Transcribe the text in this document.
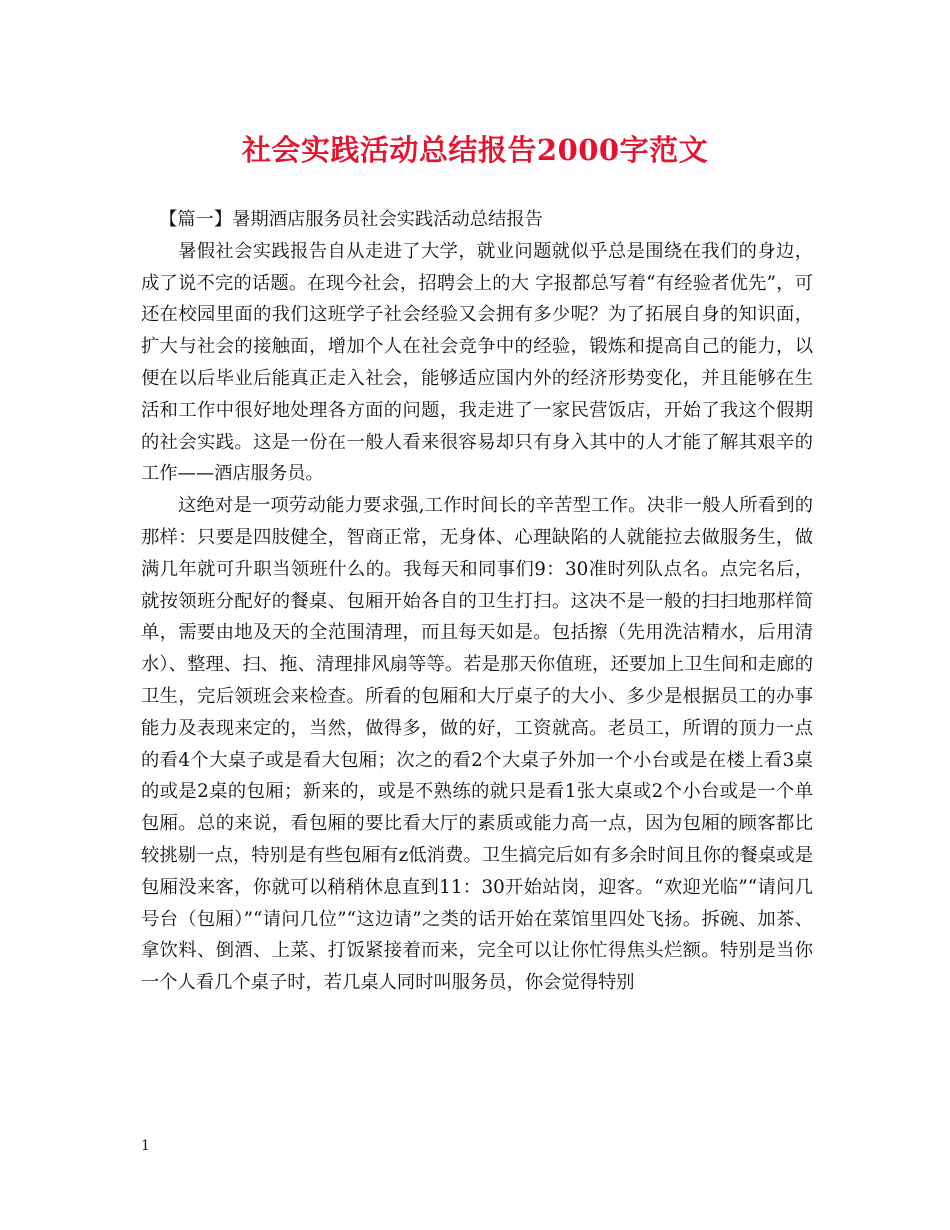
社会实践活动总结报告2000字范文

【篇一】暑期酒店服务员社会实践活动总结报告

暑假社会实践报告自从走进了大学，就业问题就似乎总是围绕在我们的身边，成了说不完的话题。在现今社会，招聘会上的大 字报都总写着“有经验者优先”，可还在校园里面的我们这班学子社会经验又会拥有多少呢？为了拓展自身的知识面，扩大与社会的接触面，增加个人在社会竞争中的经验，锻炼和提高自己的能力，以便在以后毕业后能真正走入社会，能够适应国内外的经济形势变化，并且能够在生活和工作中很好地处理各方面的问题，我走进了一家民营饭店，开始了我这个假期的社会实践。这是一份在一般人看来很容易却只有身入其中的人才能了解其艰辛的工作——酒店服务员。

这绝对是一项劳动能力要求强,工作时间长的辛苦型工作。决非一般人所看到的那样：只要是四肢健全，智商正常，无身体、心理缺陷的人就能拉去做服务生，做满几年就可升职当领班什么的。我每天和同事们9：30准时列队点名。点完名后，就按领班分配好的餐桌、包厢开始各自的卫生打扫。这决不是一般的扫扫地那样简单，需要由地及天的全范围清理，而且每天如是。包括擦（先用洗洁精水，后用清水）、整理、扫、拖、清理排风扇等等。若是那天你值班，还要加上卫生间和走廊的卫生，完后领班会来检查。所看的包厢和大厅桌子的大小、多少是根据员工的办事能力及表现来定的，当然，做得多，做的好，工资就高。老员工，所谓的顶力一点的看4个大桌子或是看大包厢；次之的看2个大桌子外加一个小台或是在楼上看3桌的或是2桌的包厢；新来的，或是不熟练的就只是看1张大桌或2个小台或是一个单包厢。总的来说，看包厢的要比看大厅的素质或能力高一点，因为包厢的顾客都比较挑剔一点，特别是有些包厢有z低消费。卫生搞完后如有多余时间且你的餐桌或是包厢没来客，你就可以稍稍休息直到11：30开始站岗，迎客。“欢迎光临”“请问几号台（包厢）”“请问几位”“这边请”之类的话开始在菜馆里四处飞扬。拆碗、加茶、拿饮料、倒酒、上菜、打饭紧接着而来，完全可以让你忙得焦头烂额。特别是当你一个人看几个桌子时，若几桌人同时叫服务员，你会觉得特别

1
